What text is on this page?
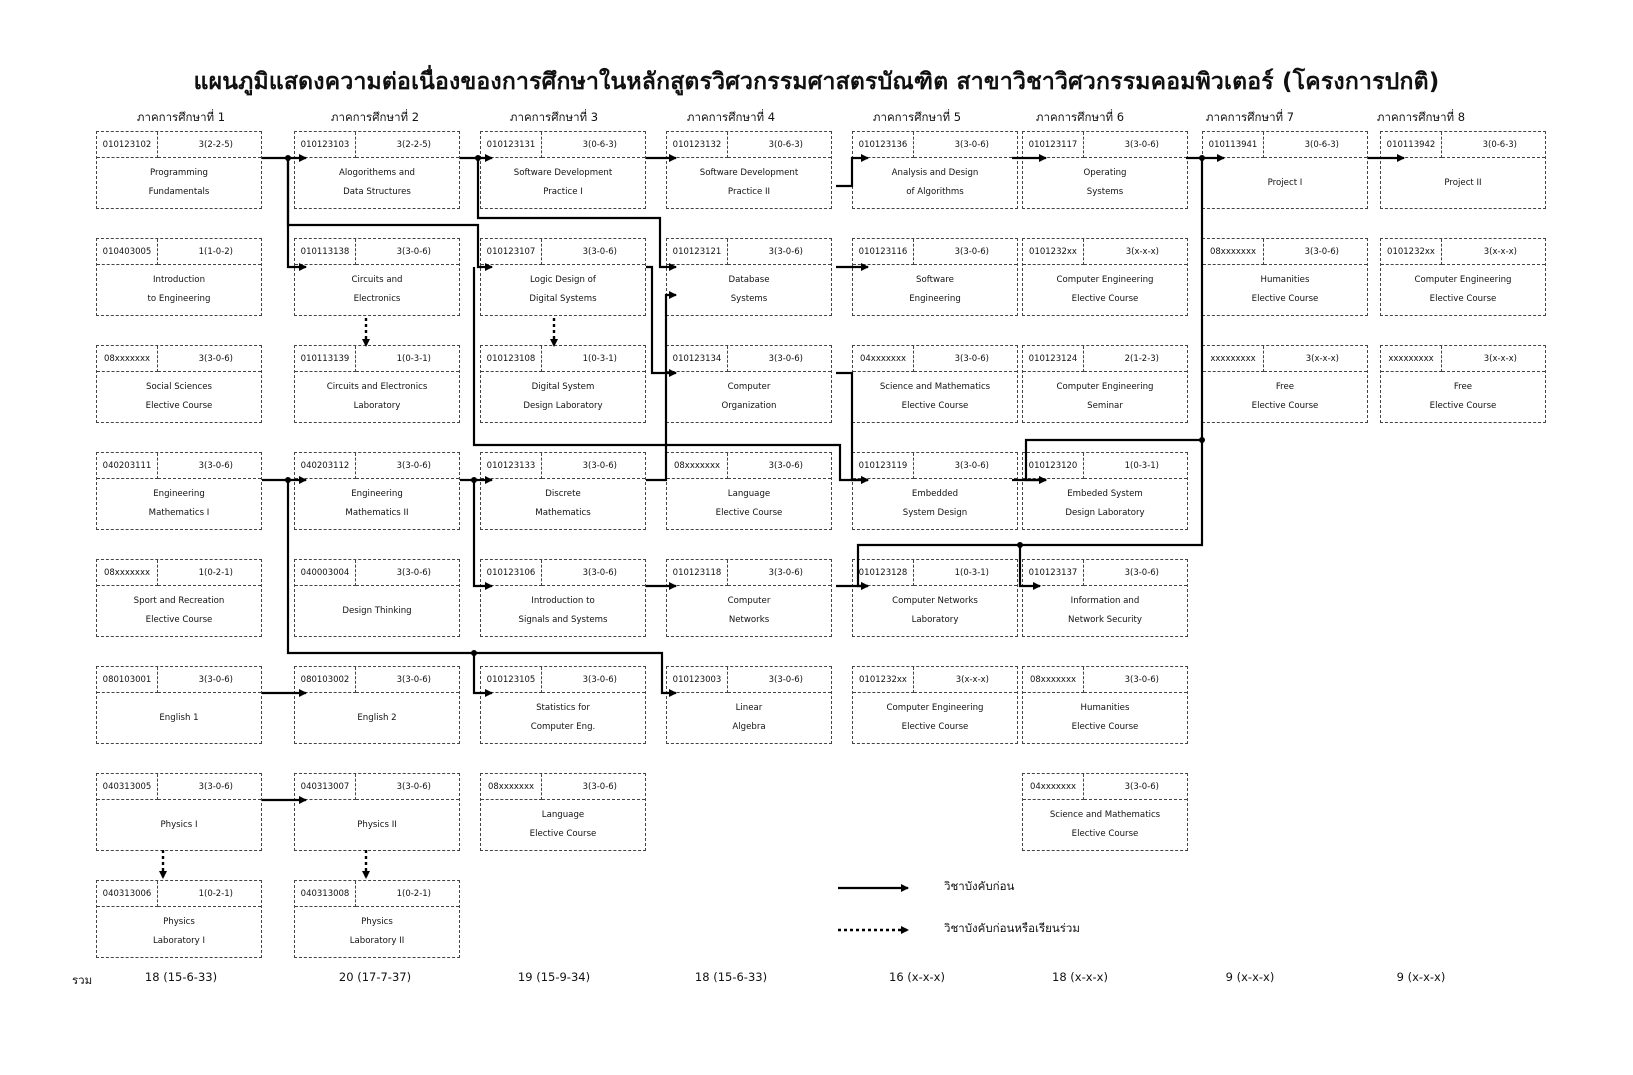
แผนภูมิแสดงความต่อเนื่องของการศึกษาในหลักสูตรวิศวกรรมศาสตรบัณฑิต สาขาวิชาวิศวกรรมคอมพิวเตอร์ (โครงการปกติ)
ภาคการศึกษาที่ 1	ภาคการศึกษาที่ 2	ภาคการศึกษาที่ 3	ภาคการศึกษาที่ 4	ภาคการศึกษาที่ 5	ภาคการศึกษาที่ 6	ภาคการศึกษาที่ 7	ภาคการศึกษาที่ 8
010123102	3(2-2-5)
Programming
Fundamentals
010403005	1(1-0-2)
Introduction
to Engineering
08xxxxxxx	3(3-0-6)
Social Sciences
Elective Course
040203111	3(3-0-6)
Engineering
Mathematics I
08xxxxxxx	1(0-2-1)
Sport and Recreation
Elective Course
080103001	3(3-0-6)
English 1
040313005	3(3-0-6)
Physics I
040313006	1(0-2-1)
Physics
Laboratory I
010123103	3(2-2-5)
Alogorithems and
Data Structures
010113138	3(3-0-6)
Circuits and
Electronics
010113139	1(0-3-1)
Circuits and Electronics
Laboratory
040203112	3(3-0-6)
Engineering
Mathematics II
040003004	3(3-0-6)
Design Thinking
080103002	3(3-0-6)
English 2
040313007	3(3-0-6)
Physics II
040313008	1(0-2-1)
Physics
Laboratory II
010123131	3(0-6-3)
Software Development
Practice I
010123107	3(3-0-6)
Logic Design of
Digital Systems
010123108	1(0-3-1)
Digital System
Design Laboratory
010123133	3(3-0-6)
Discrete
Mathematics
010123106	3(3-0-6)
Introduction to
Signals and Systems
010123105	3(3-0-6)
Statistics for
Computer Eng.
08xxxxxxx	3(3-0-6)
Language
Elective Course
010123132	3(0-6-3)
Software Development
Practice II
010123121	3(3-0-6)
Database
Systems
010123134	3(3-0-6)
Computer
Organization
08xxxxxxx	3(3-0-6)
Language
Elective Course
010123118	3(3-0-6)
Computer
Networks
010123003	3(3-0-6)
Linear
Algebra
010123136	3(3-0-6)
Analysis and Design
of Algorithms
010123116	3(3-0-6)
Software
Engineering
04xxxxxxx	3(3-0-6)
Science and Mathematics
Elective Course
010123119	3(3-0-6)
Embedded
System Design
010123128	1(0-3-1)
Computer Networks
Laboratory
0101232xx	3(x-x-x)
Computer Engineering
Elective Course
010123117	3(3-0-6)
Operating
Systems
0101232xx	3(x-x-x)
Computer Engineering
Elective Course
010123124	2(1-2-3)
Computer Engineering
Seminar
010123120	1(0-3-1)
Embeded System
Design Laboratory
010123137	3(3-0-6)
Information and
Network Security
08xxxxxxx	3(3-0-6)
Humanities
Elective Course
04xxxxxxx	3(3-0-6)
Science and Mathematics
Elective Course
010113941	3(0-6-3)
Project I
08xxxxxxx	3(3-0-6)
Humanities
Elective Course
xxxxxxxxx	3(x-x-x)
Free
Elective Course
010113942	3(0-6-3)
Project II
0101232xx	3(x-x-x)
Computer Engineering
Elective Course
xxxxxxxxx	3(x-x-x)
Free
Elective Course
วิชาบังคับก่อน
วิชาบังคับก่อนหรือเรียนร่วม
รวม	18 (15-6-33)	20 (17-7-37)	19 (15-9-34)	18 (15-6-33)	16 (x-x-x)	18 (x-x-x)	9 (x-x-x)	9 (x-x-x)
